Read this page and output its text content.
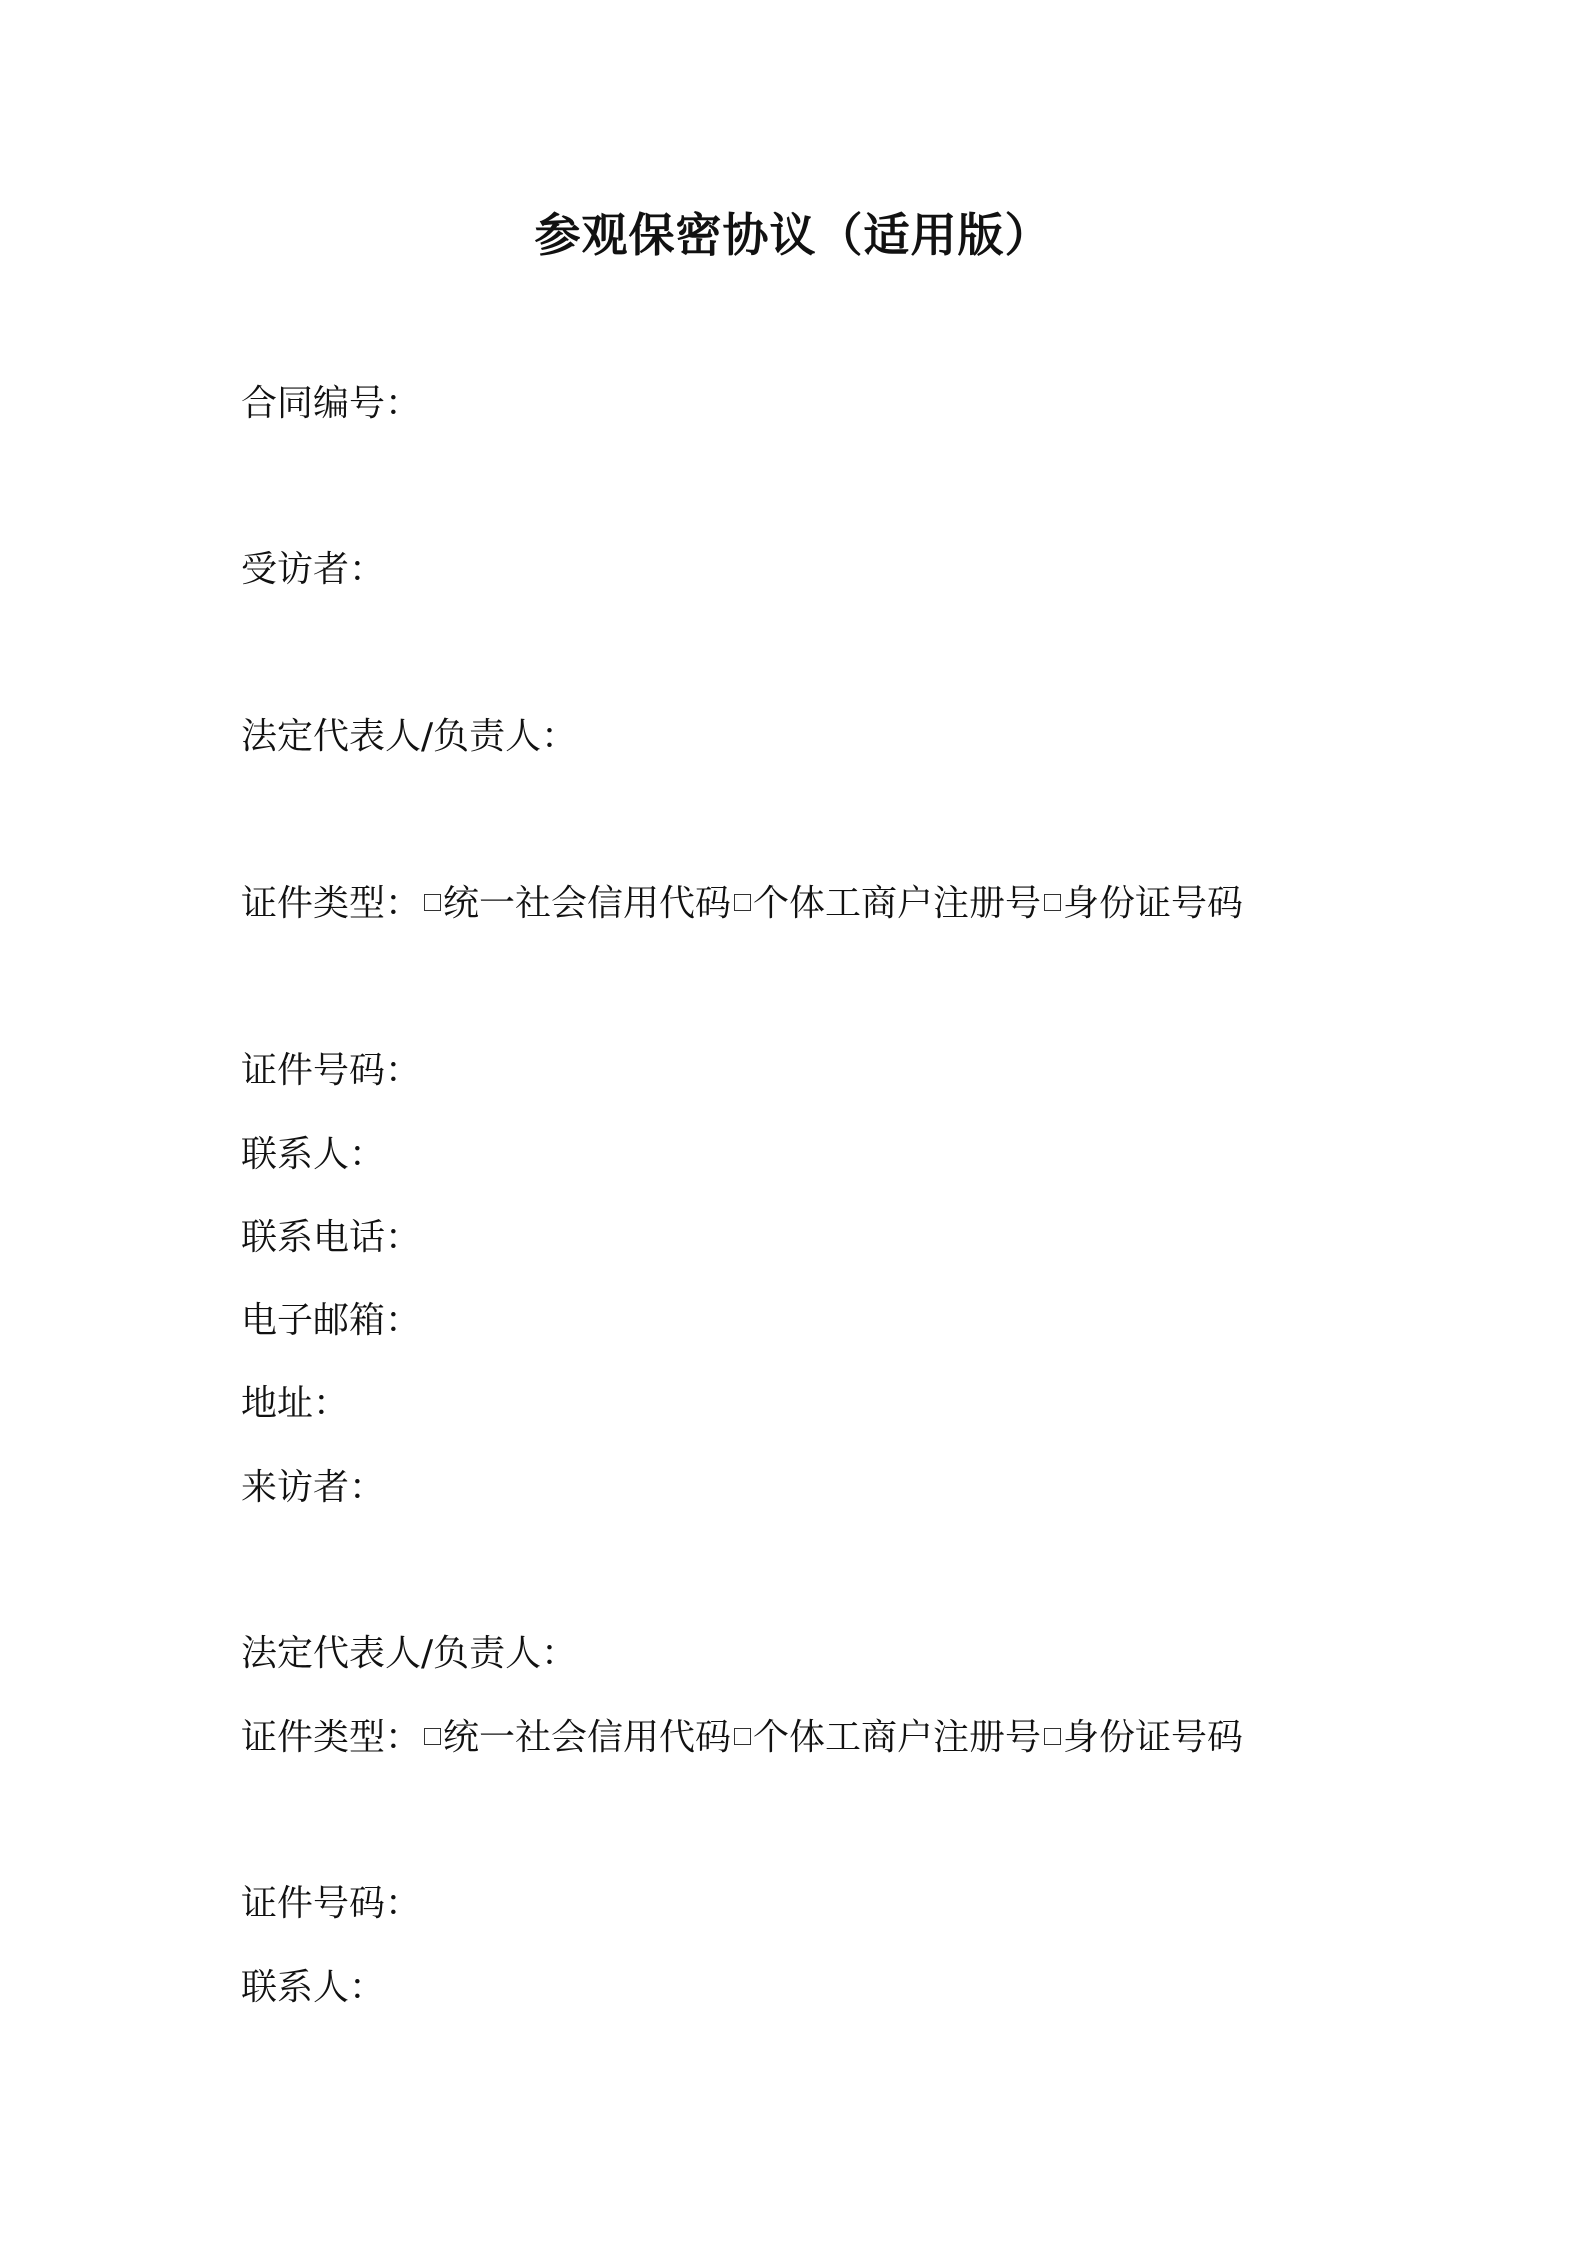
参观保密协议（适用版）
合同编号：
受访者：
法定代表人/负责人：
证件类型： 统一社会信用代码 个体工商户注册号 身份证号码
证件号码：
联系人：
联系电话：
电子邮箱：
地址：
来访者：
法定代表人/负责人：
证件类型： 统一社会信用代码 个体工商户注册号 身份证号码
证件号码：
联系人：
